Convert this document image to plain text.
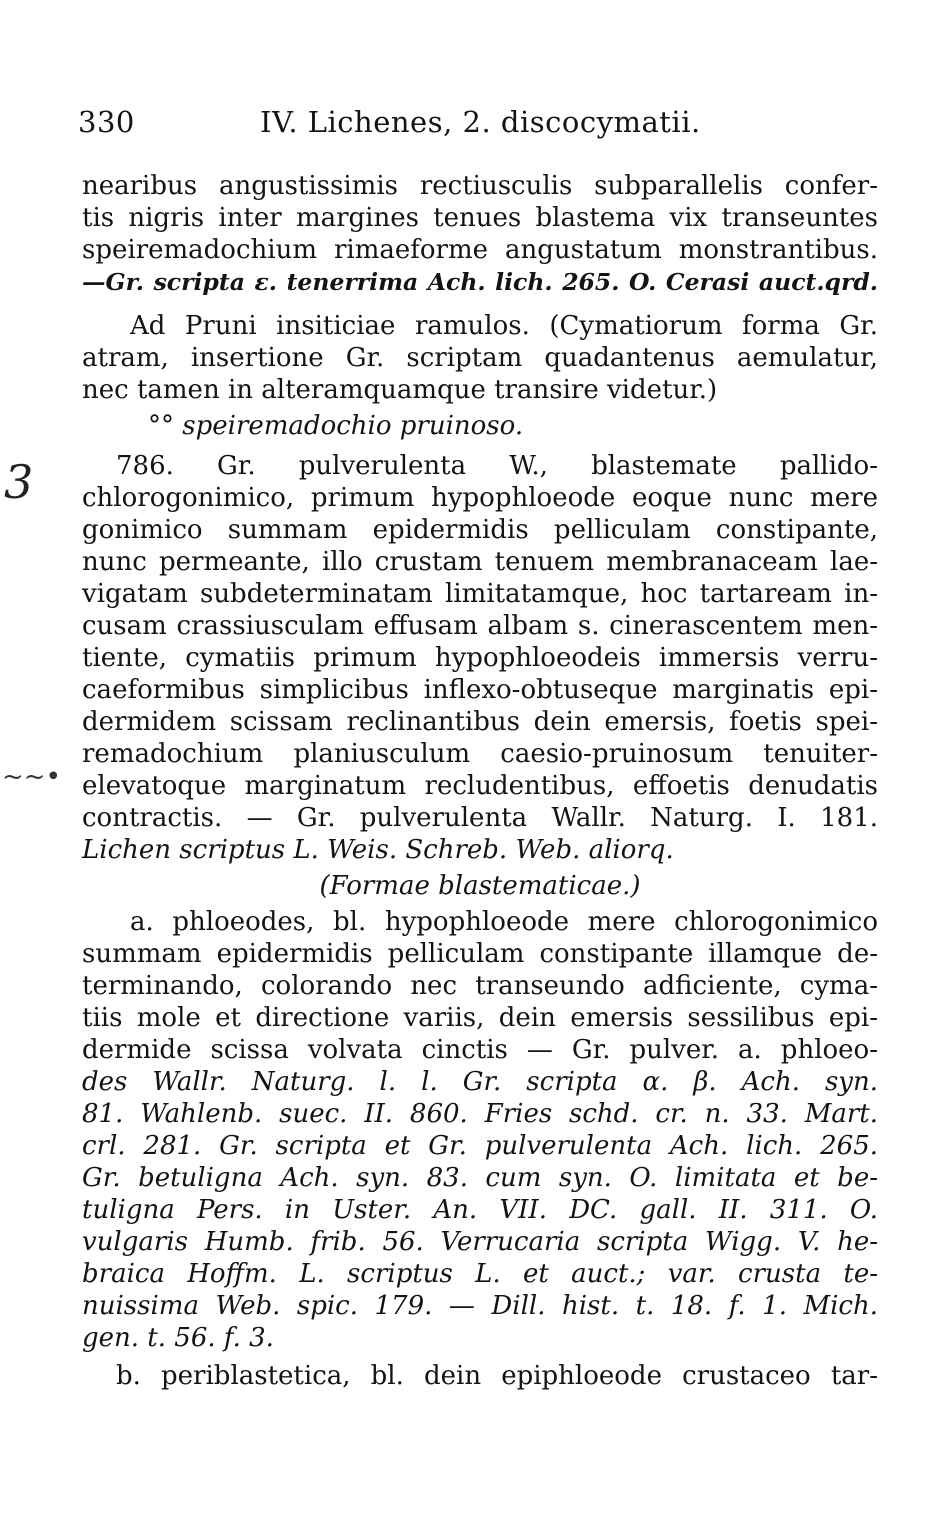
330	IV. Lichenes, 2. discocymatii.
3
~~•
nearibus angustissimis rectiusculis subparallelis confer-
tis nigris inter margines tenues blastema vix transeuntes
speiremadochium rimaeforme angustatum monstrantibus.
—Gr. scripta ε. tenerrima Ach. lich. 265. O. Cerasi auct.qrd.
Ad Pruni insiticiae ramulos. (Cymatiorum forma Gr.
atram, insertione Gr. scriptam quadantenus aemulatur,
nec tamen in alteramquamque transire videtur.)
°° speiremadochio pruinoso.
786. Gr. pulverulenta W., blastemate pallido-
chlorogonimico, primum hypophloeode eoque nunc mere
gonimico summam epidermidis pelliculam constipante,
nunc permeante, illo crustam tenuem membranaceam lae-
vigatam subdeterminatam limitatamque, hoc tartaream in-
cusam crassiusculam effusam albam s. cinerascentem men-
tiente, cymatiis primum hypophloeodeis immersis verru-
caeformibus simplicibus inflexo-obtuseque marginatis epi-
dermidem scissam reclinantibus dein emersis, foetis spei-
remadochium planiusculum caesio-pruinosum tenuiter-
elevatoque marginatum recludentibus, effoetis denudatis
contractis. — Gr. pulverulenta Wallr. Naturg. I. 181.
Lichen scriptus L. Weis. Schreb. Web. aliorq.
(Formae blastematicae.)
a. phloeodes, bl. hypophloeode mere chlorogonimico
summam epidermidis pelliculam constipante illamque de-
terminando, colorando nec transeundo adficiente, cyma-
tiis mole et directione variis, dein emersis sessilibus epi-
dermide scissa volvata cinctis — Gr. pulver. a. phloeo-
des Wallr. Naturg. l. l. Gr. scripta α. β. Ach. syn.
81. Wahlenb. suec. II. 860. Fries schd. cr. n. 33. Mart.
crl. 281. Gr. scripta et Gr. pulverulenta Ach. lich. 265.
Gr. betuligna Ach. syn. 83. cum syn. O. limitata et be-
tuligna Pers. in Uster. An. VII. DC. gall. II. 311. O.
vulgaris Humb. frib. 56. Verrucaria scripta Wigg. V. he-
braica Hoffm. L. scriptus L. et auct.; var. crusta te-
nuissima Web. spic. 179. — Dill. hist. t. 18. f. 1. Mich.
gen. t. 56. f. 3.
b. periblastetica, bl. dein epiphloeode crustaceo tar-
